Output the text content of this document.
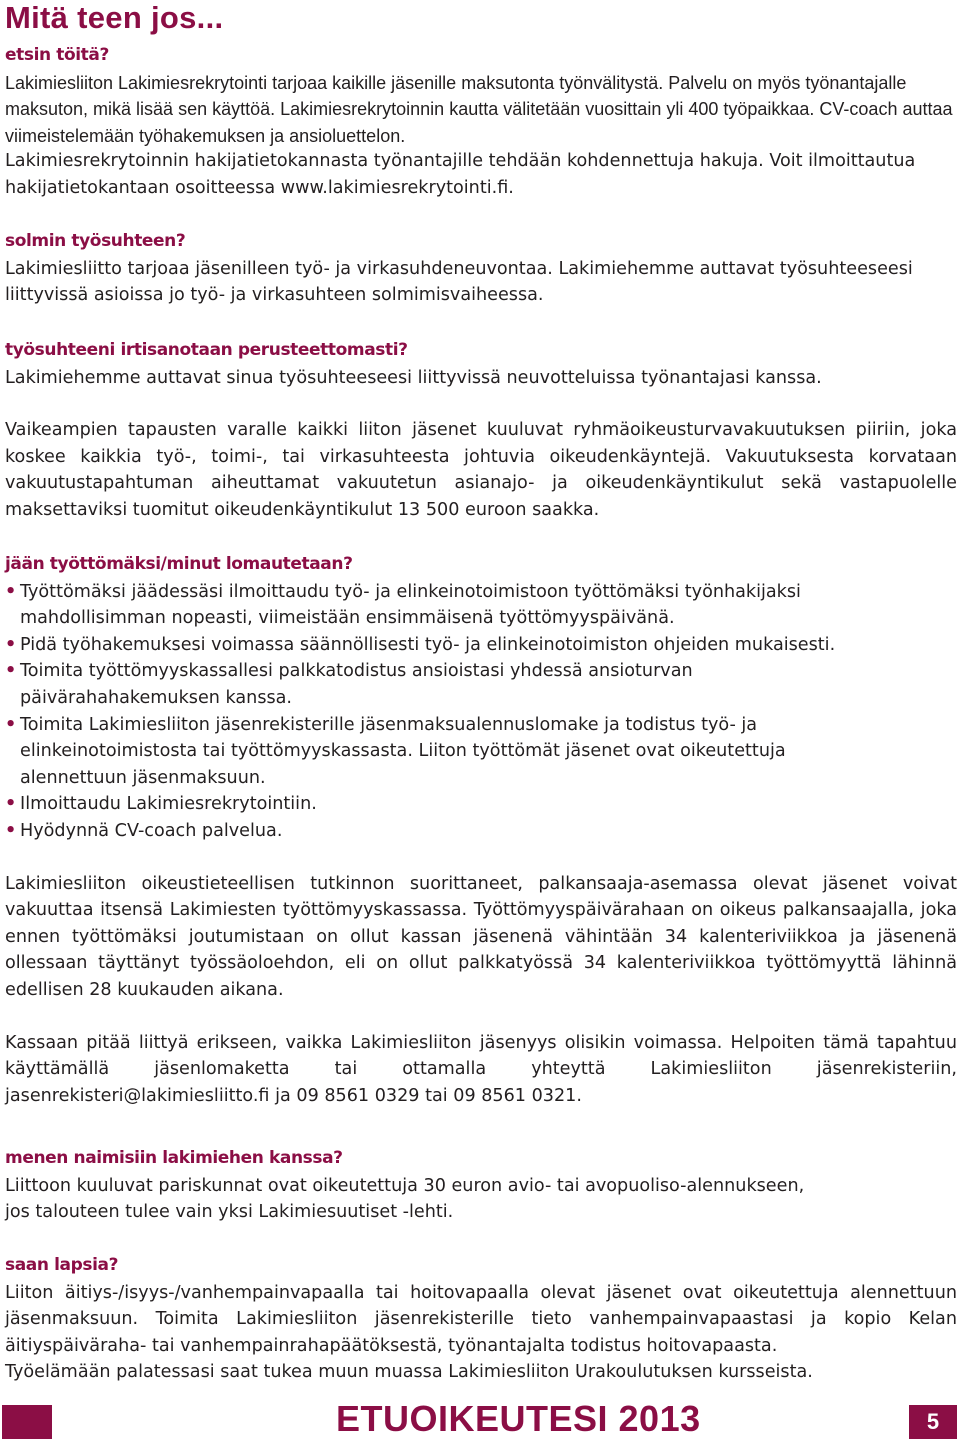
Mitä teen jos...
etsin töitä?

Lakimiesliiton Lakimiesrekrytointi tarjoaa kaikille jäsenille maksutonta työnvälitystä. Palvelu on myös työnantajalle maksuton, mikä lisää sen käyttöä. Lakimiesrekrytoinnin kautta välitetään vuosittain yli 400 työpaikkaa. CV-coach auttaa viimeistelemään työhakemuksen ja ansioluettelon.

Lakimiesrekrytoinnin hakijatietokannasta työnantajille tehdään kohdennettuja hakuja. Voit ilmoittautua hakijatietokantaan osoitteessa www.lakimiesrekrytointi.fi.

solmin työsuhteen?

Lakimiesliitto tarjoaa jäsenilleen työ- ja virkasuhdeneuvontaa. Lakimiehemme auttavat työsuhteeseesi liittyvissä asioissa jo työ- ja virkasuhteen solmimisvaiheessa.

työsuhteeni irtisanotaan perusteettomasti?

Lakimiehemme auttavat sinua työsuhteeseesi liittyvissä neuvotteluissa työnantajasi kanssa.

Vaikeampien tapausten varalle kaikki liiton jäsenet kuuluvat ryhmäoikeusturvavakuutuksen piiriin, joka koskee kaikkia työ-, toimi-, tai virkasuhteesta johtuvia oikeudenkäyntejä. Vakuutuksesta korvataan vakuutustapahtuman aiheuttamat vakuutetun asianajo- ja oikeudenkäyntikulut sekä vastapuolelle maksettaviksi tuomitut oikeudenkäyntikulut 13 500 euroon saakka.

jään työttömäksi/minut lomautetaan?
• Työttömäksi jäädessäsi ilmoittaudu työ- ja elinkeinotoimistoon työttömäksi työnhakijaksi mahdollisimman nopeasti, viimeistään ensimmäisenä työttömyyspäivänä.
• Pidä työhakemuksesi voimassa säännöllisesti työ- ja elinkeinotoimiston ohjeiden mukaisesti.
• Toimita työttömyyskassallesi palkkatodistus ansioistasi yhdessä ansioturvan päivärahahakemuksen kanssa.
• Toimita Lakimiesliiton jäsenrekisterille jäsenmaksualennuslomake ja todistus työ- ja elinkeinotoimistosta tai työttömyyskassasta. Liiton työttömät jäsenet ovat oikeutettuja alennettuun jäsenmaksuun.
• Ilmoittaudu Lakimiesrekrytointiin.
• Hyödynnä CV-coach palvelua.

Lakimiesliiton oikeustieteellisen tutkinnon suorittaneet, palkansaaja-asemassa olevat jäsenet voivat vakuuttaa itsensä Lakimiesten työttömyyskassassa. Työttömyyspäivärahaan on oikeus palkansaajalla, joka ennen työttömäksi joutumistaan on ollut kassan jäsenenä vähintään 34 kalenteriviikkoa ja jäsenenä ollessaan täyttänyt työssäoloehdon, eli on ollut palkkatyössä 34 kalenteriviikkoa työttömyyttä lähinnä edellisen 28 kuukauden aikana.

Kassaan pitää liittyä erikseen, vaikka Lakimiesliiton jäsenyys olisikin voimassa. Helpoiten tämä tapahtuu käyttämällä jäsenlomaketta tai ottamalla yhteyttä Lakimiesliiton jäsenrekisteriin, jasenrekisteri@lakimiesliitto.fi ja 09 8561 0329 tai 09 8561 0321.

menen naimisiin lakimiehen kanssa?

Liittoon kuuluvat pariskunnat ovat oikeutettuja 30 euron avio- tai avopuoliso-alennukseen,

jos talouteen tulee vain yksi Lakimiesuutiset -lehti.

saan lapsia?

Liiton äitiys-/isyys-/vanhempainvapaalla tai hoitovapaalla olevat jäsenet ovat oikeutettuja alennettuun jäsenmaksuun. Toimita Lakimiesliiton jäsenrekisterille tieto vanhempainvapaastasi ja kopio Kelan äitiyspäiväraha- tai vanhempainrahapäätöksestä, työnantajalta todistus hoitovapaasta.

Työelämään palatessasi saat tukea muun muassa Lakimiesliiton Urakoulutuksen kursseista.

ETUOIKEUTESI 2013	5
